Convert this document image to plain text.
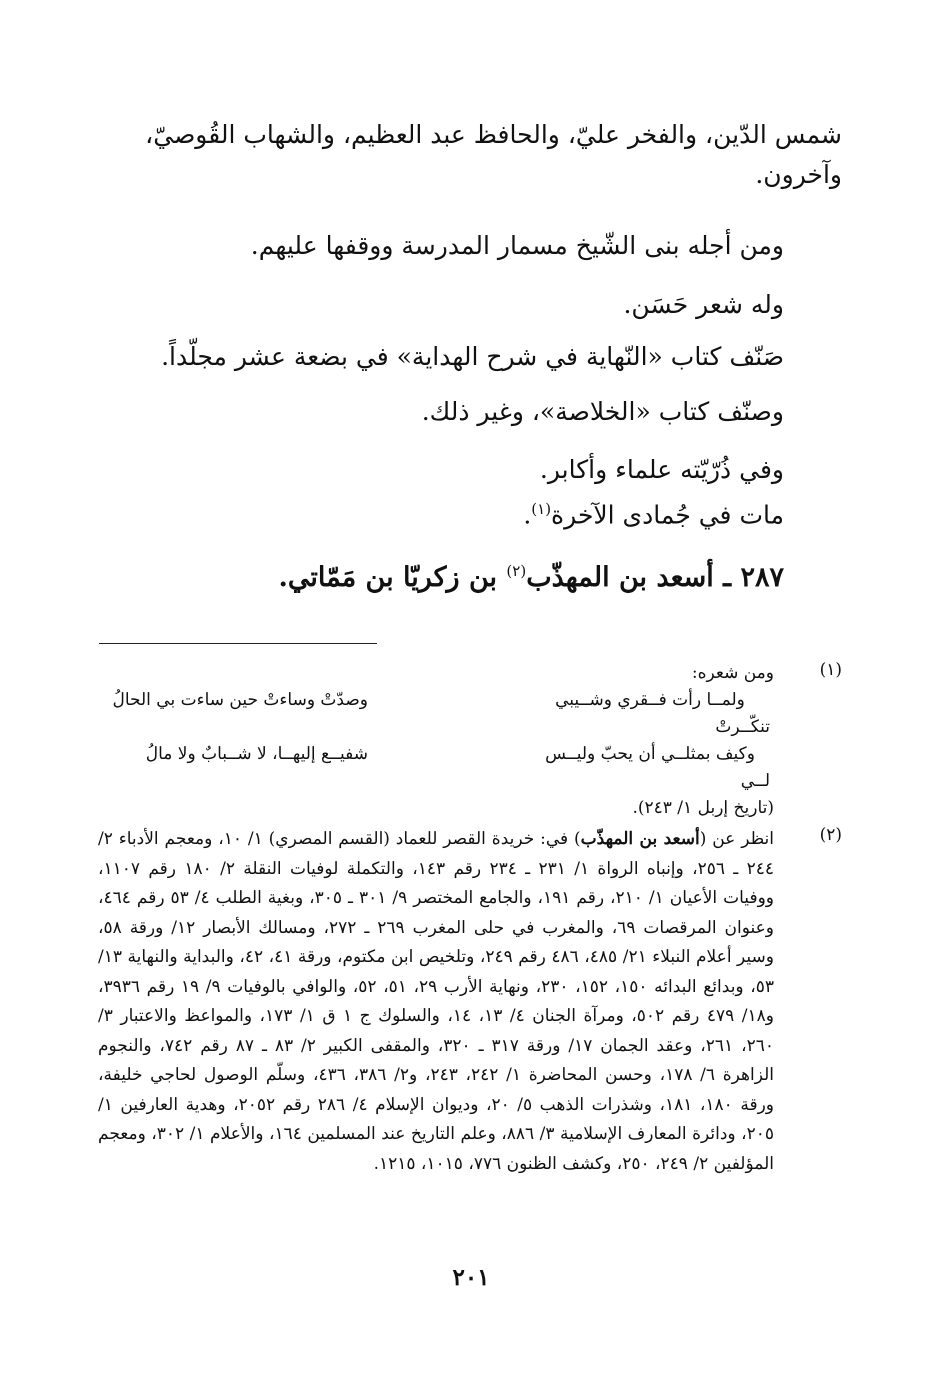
شمس الدّين، والفخر عليّ، والحافظ عبد العظيم، والشهاب القُوصيّ،
وآخرون.
ومن أجله بنى الشّيخ مسمار المدرسة ووقفها عليهم.
وله شعر حَسَن.
صَنّف كتاب «النّهاية في شرح الهداية» في بضعة عشر مجلّداً.
وصنّف كتاب «الخلاصة»، وغير ذلك.
وفي ذُرّيّته علماء وأكابر.
مات في جُمادى الآخرة$^{(١)}$.
٢٨٧ ـ أسعد بن المهذّب$^{(٢)}$ بن زكريّا بن مَمّاتي.
(١)
ومن شعره:
ولمــا رأت فــقري وشــيبي تنكّــرتْ
وصدّتْ وساءتْ حين ساءت بي الحالُ
وكيف بمثلــي أن يحبّ وليــس لــي
شفيــع إليهــا، لا شــبابٌ ولا مالُ
(تاريخ إربل ١/ ٢٤٣).
(٢)
انظر عن (أسعد بن المهذّب) في: خريدة القصر للعماد (القسم المصري) ١/ ١٠، ومعجم الأدباء ٢/ ٢٤٤ ـ ٢٥٦، وإنباه الرواة ١/ ٢٣١ ـ ٢٣٤ رقم ١٤٣، والتكملة لوفيات النقلة ٢/ ١٨٠ رقم ١١٠٧، ووفيات الأعيان ١/ ٢١٠، رقم ١٩١، والجامع المختصر ٩/ ٣٠١ ـ ٣٠٥، وبغية الطلب ٤/ ٥٣ رقم ٤٦٤، وعنوان المرقصات ٦٩، والمغرب في حلى المغرب ٢٦٩ ـ ٢٧٢، ومسالك الأبصار ١٢/ ورقة ٥٨، وسير أعلام النبلاء ٢١/ ٤٨٥، ٤٨٦ رقم ٢٤٩، وتلخيص ابن مكتوم، ورقة ٤١، ٤٢، والبداية والنهاية ١٣/ ٥٣، وبدائع البدائه ١٥٠، ١٥٢، ٢٣٠، ونهاية الأرب ٢٩، ٥١، ٥٢، والوافي بالوفيات ٩/ ١٩ رقم ٣٩٣٦، و١٨/ ٤٧٩ رقم ٥٠٢، ومرآة الجنان ٤/ ١٣، ١٤، والسلوك ج ١ ق ١/ ١٧٣، والمواعظ والاعتبار ٣/ ٢٦٠، ٢٦١، وعقد الجمان ١٧/ ورقة ٣١٧ ـ ٣٢٠، والمقفى الكبير ٢/ ٨٣ ـ ٨٧ رقم ٧٤٢، والنجوم الزاهرة ٦/ ١٧٨، وحسن المحاضرة ١/ ٢٤٢، ٢٤٣، و٢/ ٣٨٦، ٤٣٦، وسلّم الوصول لحاجي خليفة، ورقة ١٨٠، ١٨١، وشذرات الذهب ٥/ ٢٠، وديوان الإسلام ٤/ ٢٨٦ رقم ٢٠٥٢، وهدية العارفين ١/ ٢٠٥، ودائرة المعارف الإسلامية ٣/ ٨٨٦، وعلم التاريخ عند المسلمين ١٦٤، والأعلام ١/ ٣٠٢، ومعجم المؤلفين ٢/ ٢٤٩، ٢٥٠، وكشف الظنون ٧٧٦، ١٠١٥، ١٢١٥.
٢٠١
